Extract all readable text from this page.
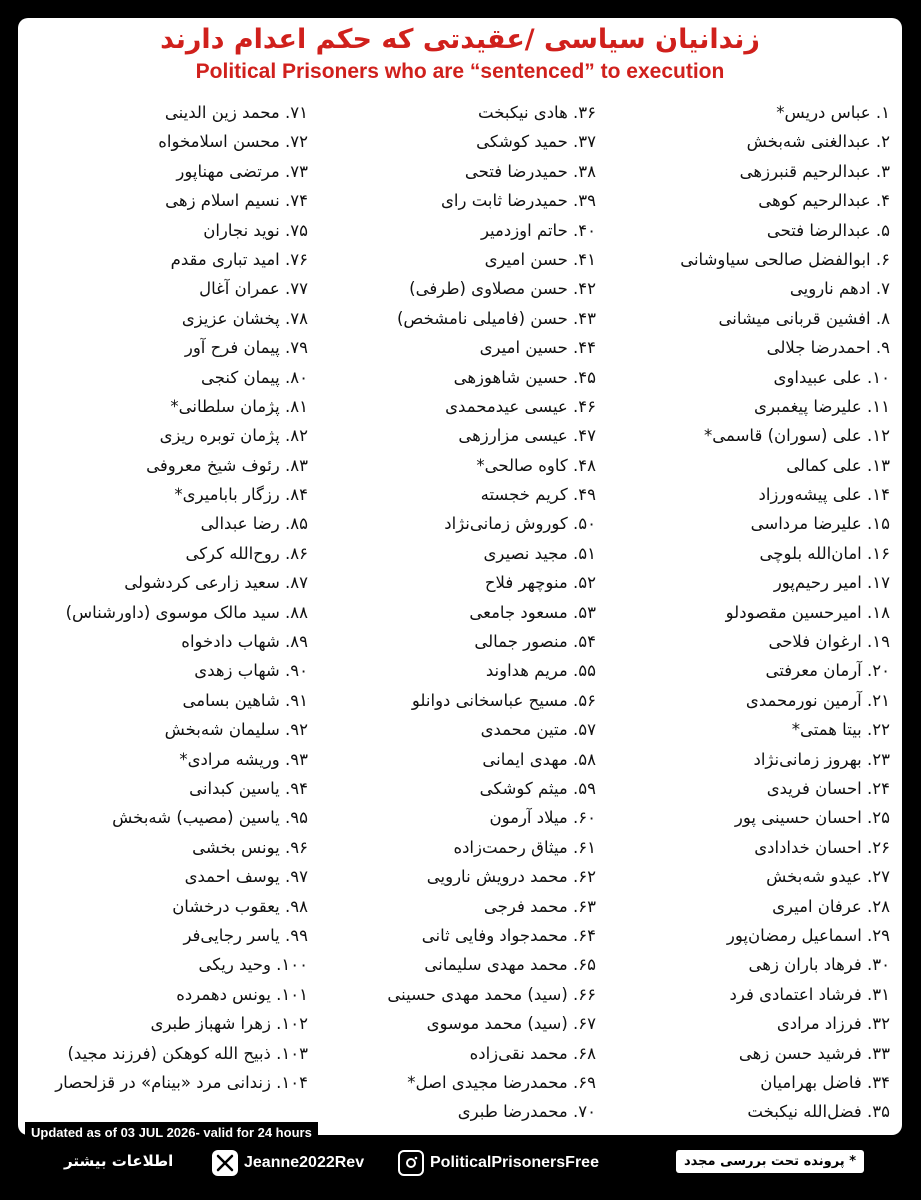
زندانیان سیاسی /عقیدتی که حکم اعدام دارند
Political Prisoners who are “sentenced” to execution
۱. عباس دریس*
۲. عبدالغنی شه‌بخش
۳. عبدالرحیم قنبرزهی
۴. عبدالرحیم کوهی
۵. عبدالرضا فتحی
۶. ابوالفضل صالحی سیاوشانی
۷. ادهم نارویی
۸. افشین قربانی میشانی
۹. احمدرضا جلالی
۱۰. علی عبیداوی
۱۱. علیرضا پیغمبری
۱۲. علی (سوران) قاسمی*
۱۳. علی کمالی
۱۴. علی پیشه‌ورزاد
۱۵. علیرضا مرداسی
۱۶. امان‌الله بلوچی
۱۷. امیر رحیم‌پور
۱۸. امیرحسین مقصودلو
۱۹. ارغوان فلاحی
۲۰. آرمان معرفتی
۲۱. آرمین نورمحمدی
۲۲. بیتا همتی*
۲۳. بهروز زمانی‌نژاد
۲۴. احسان فریدی
۲۵. احسان حسینی پور
۲۶. احسان خدادادی
۲۷. عیدو شه‌بخش
۲۸. عرفان امیری
۲۹. اسماعیل رمضان‌پور
۳۰. فرهاد باران زهی
۳۱. فرشاد اعتمادی فرد
۳۲. فرزاد مرادی
۳۳. فرشید حسن زهی
۳۴. فاضل بهرامیان
۳۵. فضل‌الله نیکبخت
۳۶. هادی نیکبخت
۳۷. حمید کوشکی
۳۸. حمیدرضا فتحی
۳۹. حمیدرضا ثابت رای
۴۰. حاتم اوزدمیر
۴۱. حسن امیری
۴۲. حسن مصلاوی (طرفی)
۴۳. حسن (فامیلی نامشخص)
۴۴. حسین امیری
۴۵. حسین شاهوزهی
۴۶. عیسی عیدمحمدی
۴۷. عیسی مزارزهی
۴۸. کاوه صالحی*
۴۹. کریم خجسته
۵۰. کوروش زمانی‌نژاد
۵۱. مجید نصیری
۵۲. منوچهر فلاح
۵۳. مسعود جامعی
۵۴. منصور جمالی
۵۵. مریم هداوند
۵۶. مسیح عباسخانی دوانلو
۵۷. متین محمدی
۵۸. مهدی ایمانی
۵۹. میثم کوشکی
۶۰. میلاد آرمون
۶۱. میثاق رحمت‌زاده
۶۲. محمد درویش نارویی
۶۳. محمد فرجی
۶۴. محمدجواد وفایی ثانی
۶۵. محمد مهدی سلیمانی
۶۶. (سید) محمد مهدی حسینی
۶۷. (سید) محمد موسوی
۶۸. محمد نقی‌زاده
۶۹. محمدرضا مجیدی اصل*
۷۰. محمدرضا طبری
۷۱. محمد زین الدینی
۷۲. محسن اسلامخواه
۷۳. مرتضی مهناپور
۷۴. نسیم اسلام زهی
۷۵. نوید نجاران
۷۶. امید تباری مقدم
۷۷. عمران آغال
۷۸. پخشان عزیزی
۷۹. پیمان فرح آور
۸۰. پیمان کنجی
۸۱. پژمان سلطانی*
۸۲. پژمان توبره ریزی
۸۳. رئوف شیخ معروفی
۸۴. رزگار بابامیری*
۸۵. رضا عبدالی
۸۶. روح‌الله کرکی
۸۷. سعید زارعی کردشولی
۸۸. سید مالک موسوی (داورشناس)
۸۹. شهاب دادخواه
۹۰. شهاب زهدی
۹۱. شاهین بسامی
۹۲. سلیمان شه‌بخش
۹۳. وریشه مرادی*
۹۴. یاسین کبدانی
۹۵. یاسین (مصیب) شه‌بخش
۹۶. یونس بخشی
۹۷. یوسف احمدی
۹۸. یعقوب درخشان
۹۹. یاسر رجایی‌فر
۱۰۰. وحید ریکی
۱۰۱. یونس دهمرده
۱۰۲. زهرا شهباز طبری
۱۰۳. ذبیح الله کوهکن (فرزند مجید)
۱۰۴. زندانی مرد «بینام» در قزلحصار
Updated as of 03 JUL 2026- valid for 24 hours
اطلاعات بیشتر	Jeanne2022Rev	PoliticalPrisonersFree	* پرونده تحت بررسی مجدد
